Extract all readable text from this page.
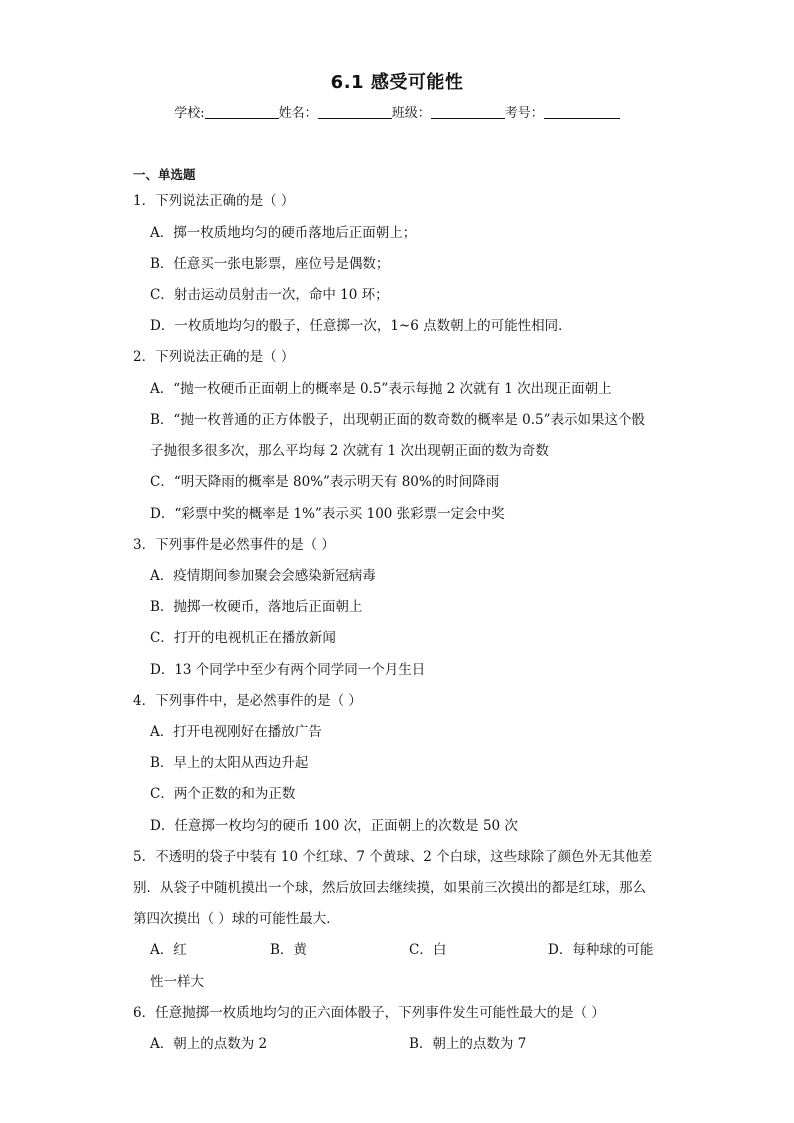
6.1 感受可能性
学校:	姓名：	班级：	考号：
一、单选题
1．下列说法正确的是（ ）
A．掷一枚质地均匀的硬币落地后正面朝上；
B．任意买一张电影票，座位号是偶数；
C．射击运动员射击一次，命中 10 环；
D．一枚质地均匀的骰子，任意掷一次，1~6 点数朝上的可能性相同．
2．下列说法正确的是（ ）
A．“抛一枚硬币正面朝上的概率是 0.5”表示每抛 2 次就有 1 次出现正面朝上
B．“抛一枚普通的正方体骰子，出现朝正面的数奇数的概率是 0.5”表示如果这个骰
子抛很多很多次，那么平均每 2 次就有 1 次出现朝正面的数为奇数
C．“明天降雨的概率是 80%”表示明天有 80%的时间降雨
D．“彩票中奖的概率是 1%”表示买 100 张彩票一定会中奖
3．下列事件是必然事件的是（ ）
A．疫情期间参加聚会会感染新冠病毒
B．抛掷一枚硬币，落地后正面朝上
C．打开的电视机正在播放新闻
D．13 个同学中至少有两个同学同一个月生日
4．下列事件中，是必然事件的是（ ）
A．打开电视刚好在播放广告
B．早上的太阳从西边升起
C．两个正数的和为正数
D．任意掷一枚均匀的硬币 100 次，正面朝上的次数是 50 次
5．不透明的袋子中装有 10 个红球、7 个黄球、2 个白球，这些球除了颜色外无其他差
别．从袋子中随机摸出一个球，然后放回去继续摸，如果前三次摸出的都是红球，那么
第四次摸出（ ）球的可能性最大．
A．红	B．黄	C．白	D．每种球的可能
性一样大
6．任意抛掷一枚质地均匀的正六面体骰子，下列事件发生可能性最大的是（ ）
A．朝上的点数为 2	B．朝上的点数为 7
